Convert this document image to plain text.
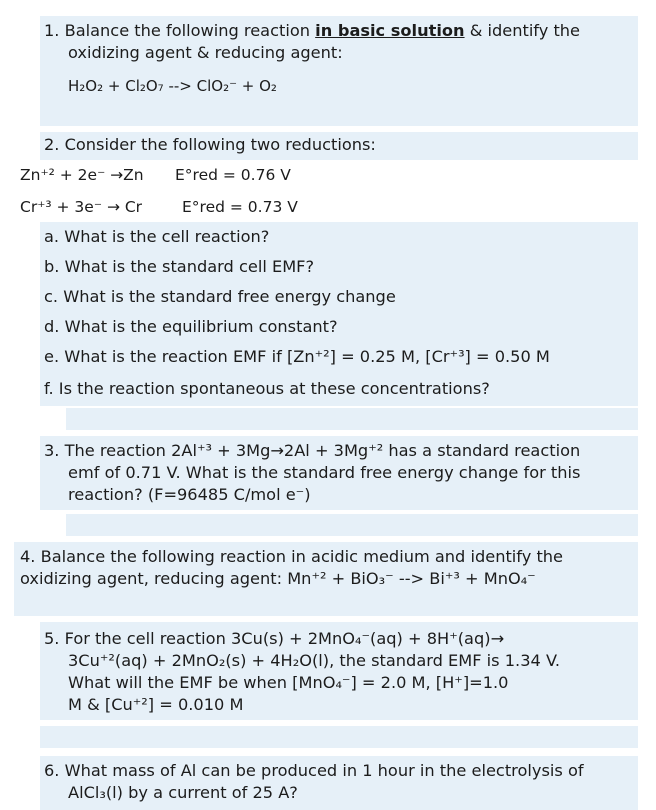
1. Balance the following reaction in basic solution & identify the
oxidizing agent & reducing agent:
H₂O₂ + Cl₂O₇ --> ClO₂⁻ + O₂
2. Consider the following two reductions:
Zn⁺² + 2e⁻ →Zn E°red = 0.76 V
Cr⁺³ + 3e⁻ → Cr	E°red = 0.73 V
a. What is the cell reaction?
b. What is the standard cell EMF?
c. What is the standard free energy change
d. What is the equilibrium constant?
e. What is the reaction EMF if [Zn⁺²] = 0.25 M, [Cr⁺³] = 0.50 M
f. Is the reaction spontaneous at these concentrations?
3. The reaction 2Al⁺³ + 3Mg→2Al + 3Mg⁺² has a standard reaction
emf of 0.71 V. What is the standard free energy change for this
reaction? (F=96485 C/mol e⁻)
4. Balance the following reaction in acidic medium and identify the
oxidizing agent, reducing agent: Mn⁺² + BiO₃⁻ --> Bi⁺³ + MnO₄⁻
5. For the cell reaction 3Cu(s) + 2MnO₄⁻(aq) + 8H⁺(aq)→
3Cu⁺²(aq) + 2MnO₂(s) + 4H₂O(l), the standard EMF is 1.34 V.
What will the EMF be when [MnO₄⁻] = 2.0 M, [H⁺]=1.0
M & [Cu⁺²] = 0.010 M
6. What mass of Al can be produced in 1 hour in the electrolysis of
AlCl₃(l) by a current of 25 A?
